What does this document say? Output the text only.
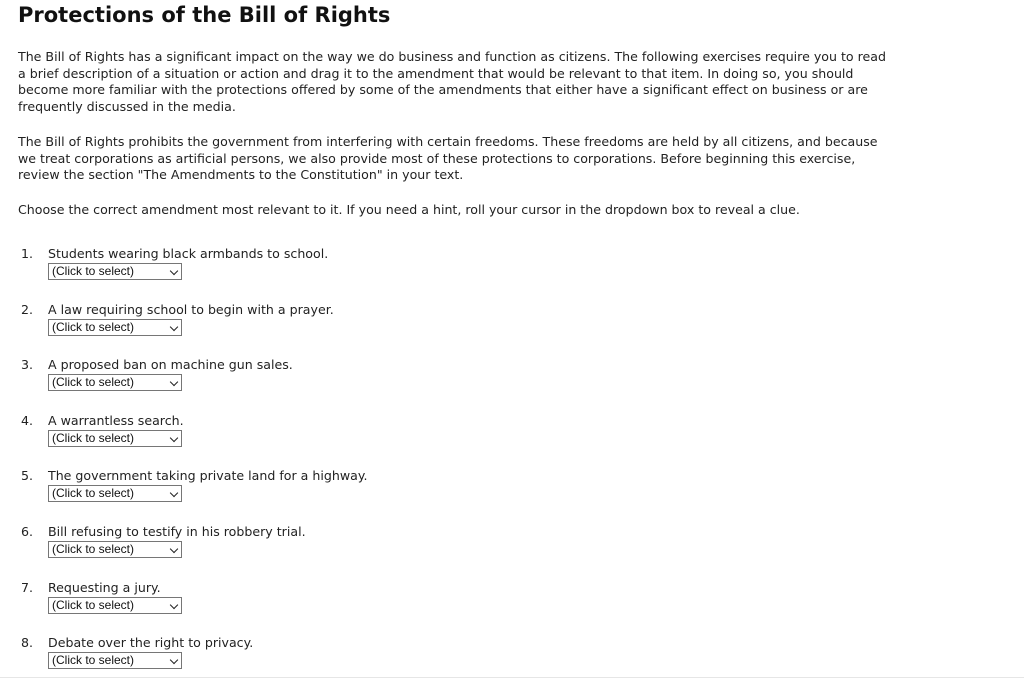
Protections of the Bill of Rights

The Bill of Rights has a significant impact on the way we do business and function as citizens. The following exercises require you to read a brief description of a situation or action and drag it to the amendment that would be relevant to that item. In doing so, you should become more familiar with the protections offered by some of the amendments that either have a significant effect on business or are frequently discussed in the media.

The Bill of Rights prohibits the government from interfering with certain freedoms. These freedoms are held by all citizens, and because we treat corporations as artificial persons, we also provide most of these protections to corporations. Before beginning this exercise, review the section "The Amendments to the Constitution" in your text.

Choose the correct amendment most relevant to it. If you need a hint, roll your cursor in the dropdown box to reveal a clue.

1. Students wearing black armbands to school.
(Click to select)
2. A law requiring school to begin with a prayer.
(Click to select)
3. A proposed ban on machine gun sales.
(Click to select)
4. A warrantless search.
(Click to select)
5. The government taking private land for a highway.
(Click to select)
6. Bill refusing to testify in his robbery trial.
(Click to select)
7. Requesting a jury.
(Click to select)
8. Debate over the right to privacy.
(Click to select)
